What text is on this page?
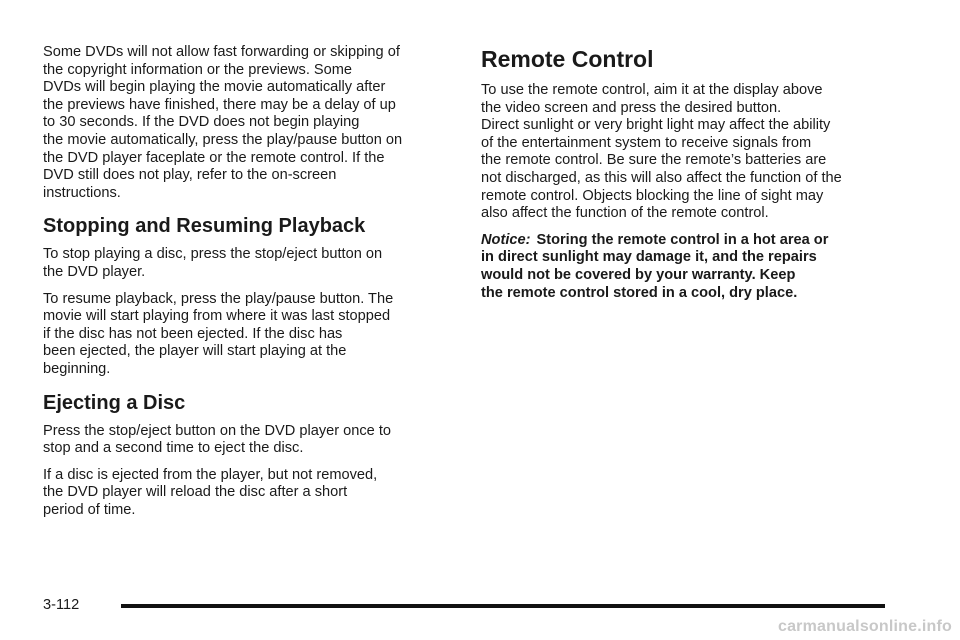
Some DVDs will not allow fast forwarding or skipping of
the copyright information or the previews. Some
DVDs will begin playing the movie automatically after
the previews have finished, there may be a delay of up
to 30 seconds. If the DVD does not begin playing
the movie automatically, press the play/pause button on
the DVD player faceplate or the remote control. If the
DVD still does not play, refer to the on-screen
instructions.

Stopping and Resuming Playback

To stop playing a disc, press the stop/eject button on
the DVD player.

To resume playback, press the play/pause button. The
movie will start playing from where it was last stopped
if the disc has not been ejected. If the disc has
been ejected, the player will start playing at the
beginning.

Ejecting a Disc

Press the stop/eject button on the DVD player once to
stop and a second time to eject the disc.

If a disc is ejected from the player, but not removed,
the DVD player will reload the disc after a short
period of time.

Remote Control

To use the remote control, aim it at the display above
the video screen and press the desired button.
Direct sunlight or very bright light may affect the ability
of the entertainment system to receive signals from
the remote control. Be sure the remote’s batteries are
not discharged, as this will also affect the function of the
remote control. Objects blocking the line of sight may
also affect the function of the remote control.

Notice: Storing the remote control in a hot area or
in direct sunlight may damage it, and the repairs
would not be covered by your warranty. Keep
the remote control stored in a cool, dry place.

3-112
carmanualsonline.info
